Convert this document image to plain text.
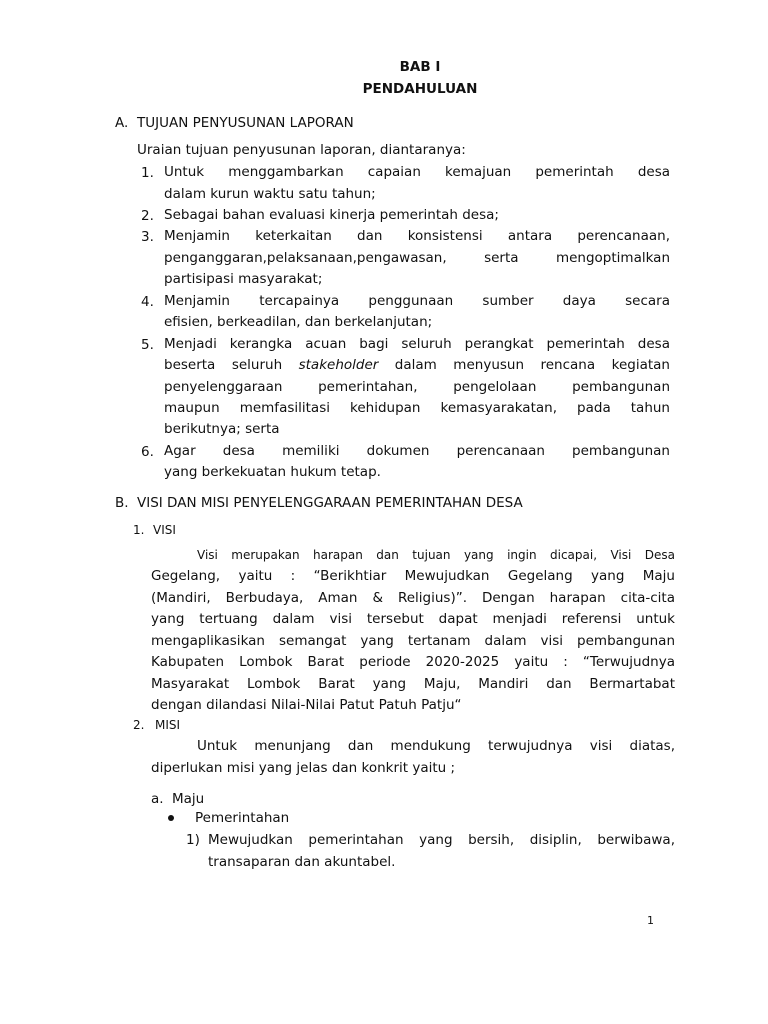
BAB I
PENDAHULUAN
A. TUJUAN PENYUSUNAN LAPORAN
Uraian tujuan penyusunan laporan, diantaranya:
1. Untuk menggambarkan capaian kemajuan pemerintah desa
dalam kurun waktu satu tahun;
2. Sebagai bahan evaluasi kinerja pemerintah desa;
3. Menjamin keterkaitan dan konsistensi antara perencanaan,
penganggaran,pelaksanaan,pengawasan, serta mengoptimalkan
partisipasi masyarakat;
4. Menjamin tercapainya penggunaan sumber daya secara
efisien, berkeadilan, dan berkelanjutan;
5. Menjadi kerangka acuan bagi seluruh perangkat pemerintah desa
beserta seluruh stakeholder dalam menyusun rencana kegiatan
penyelenggaraan pemerintahan, pengelolaan pembangunan
maupun memfasilitasi kehidupan kemasyarakatan, pada tahun
berikutnya; serta
6. Agar desa memiliki dokumen perencanaan pembangunan
yang berkekuatan hukum tetap.
B. VISI DAN MISI PENYELENGGARAAN PEMERINTAHAN DESA
1. VISI
Visi merupakan harapan dan tujuan yang ingin dicapai, Visi Desa
Gegelang, yaitu : “Berikhtiar Mewujudkan Gegelang yang Maju
(Mandiri, Berbudaya, Aman & Religius)”. Dengan harapan cita-cita
yang tertuang dalam visi tersebut dapat menjadi referensi untuk
mengaplikasikan semangat yang tertanam dalam visi pembangunan
Kabupaten Lombok Barat periode 2020-2025 yaitu : “Terwujudnya
Masyarakat Lombok Barat yang Maju, Mandiri dan Bermartabat
dengan dilandasi Nilai-Nilai Patut Patuh Patju“
2. MISI
Untuk menunjang dan mendukung terwujudnya visi diatas,
diperlukan misi yang jelas dan konkrit yaitu ;
a. Maju
Pemerintahan
1) Mewujudkan pemerintahan yang bersih, disiplin, berwibawa,
transaparan dan akuntabel.
1
